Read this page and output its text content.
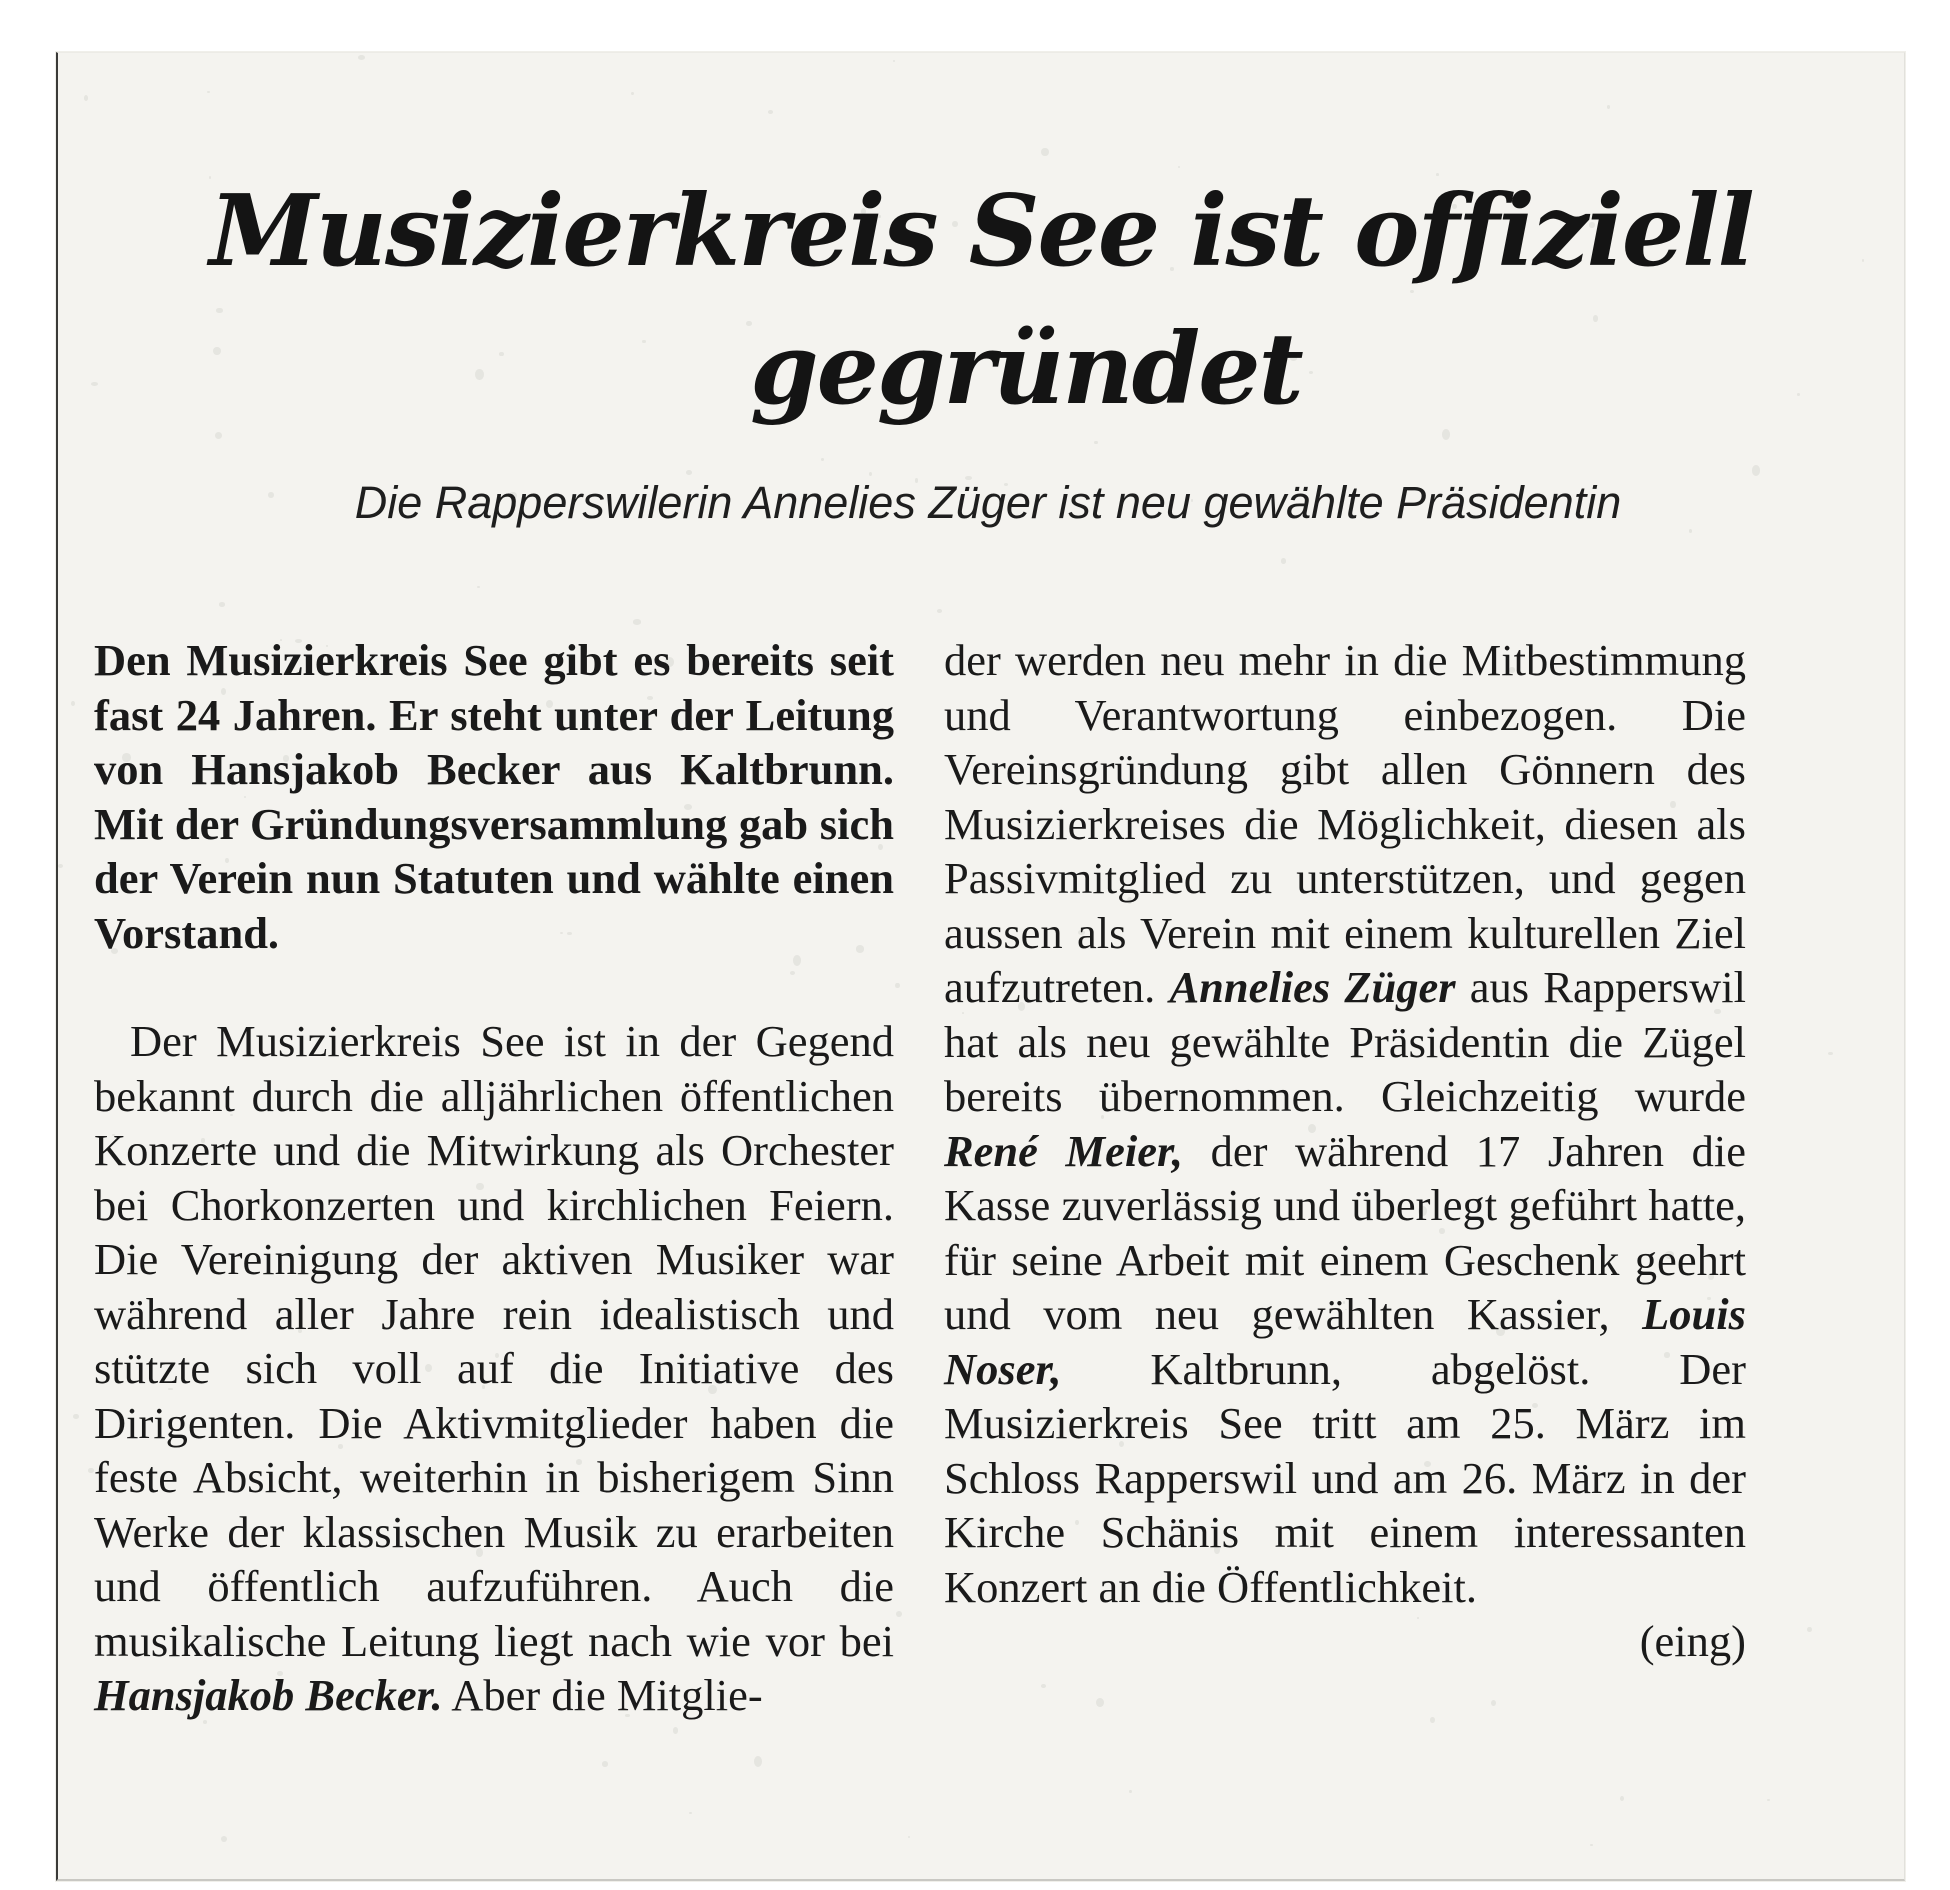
Musizierkreis See ist offiziell
gegründet

Die Rapperswilerin Annelies Züger ist neu gewählte Präsidentin

Den Musizierkreis See gibt es bereits seit fast 24 Jahren. Er steht unter der Leitung von Hansjakob Becker aus Kaltbrunn. Mit der Gründungsversammlung gab sich der Verein nun Statuten und wählte einen Vorstand.

Der Musizierkreis See ist in der Gegend bekannt durch die alljährlichen öffentlichen Konzerte und die Mitwirkung als Orchester bei Chorkonzerten und kirchlichen Feiern. Die Vereinigung der aktiven Musiker war während aller Jahre rein idealistisch und stützte sich voll auf die Initiative des Dirigenten. Die Aktivmitglieder haben die feste Absicht, weiterhin in bisherigem Sinn Werke der klassischen Musik zu erarbeiten und öffentlich aufzuführen. Auch die musikalische Leitung liegt nach wie vor bei Hansjakob Becker. Aber die Mitglie-

der werden neu mehr in die Mitbestimmung und Verantwortung einbezogen. Die Vereinsgründung gibt allen Gönnern des Musizierkreises die Möglichkeit, diesen als Passivmitglied zu unterstützen, und gegen aussen als Verein mit einem kulturellen Ziel aufzutreten. Annelies Züger aus Rapperswil hat als neu gewählte Präsidentin die Zügel bereits übernommen. Gleichzeitig wurde René Meier, der während 17 Jahren die Kasse zuverlässig und überlegt geführt hatte, für seine Arbeit mit einem Geschenk geehrt und vom neu gewählten Kassier, Louis Noser, Kaltbrunn, abgelöst. Der Musizierkreis See tritt am 25. März im Schloss Rapperswil und am 26. März in der Kirche Schänis mit einem interessanten Konzert an die Öffentlichkeit.

(eing)
